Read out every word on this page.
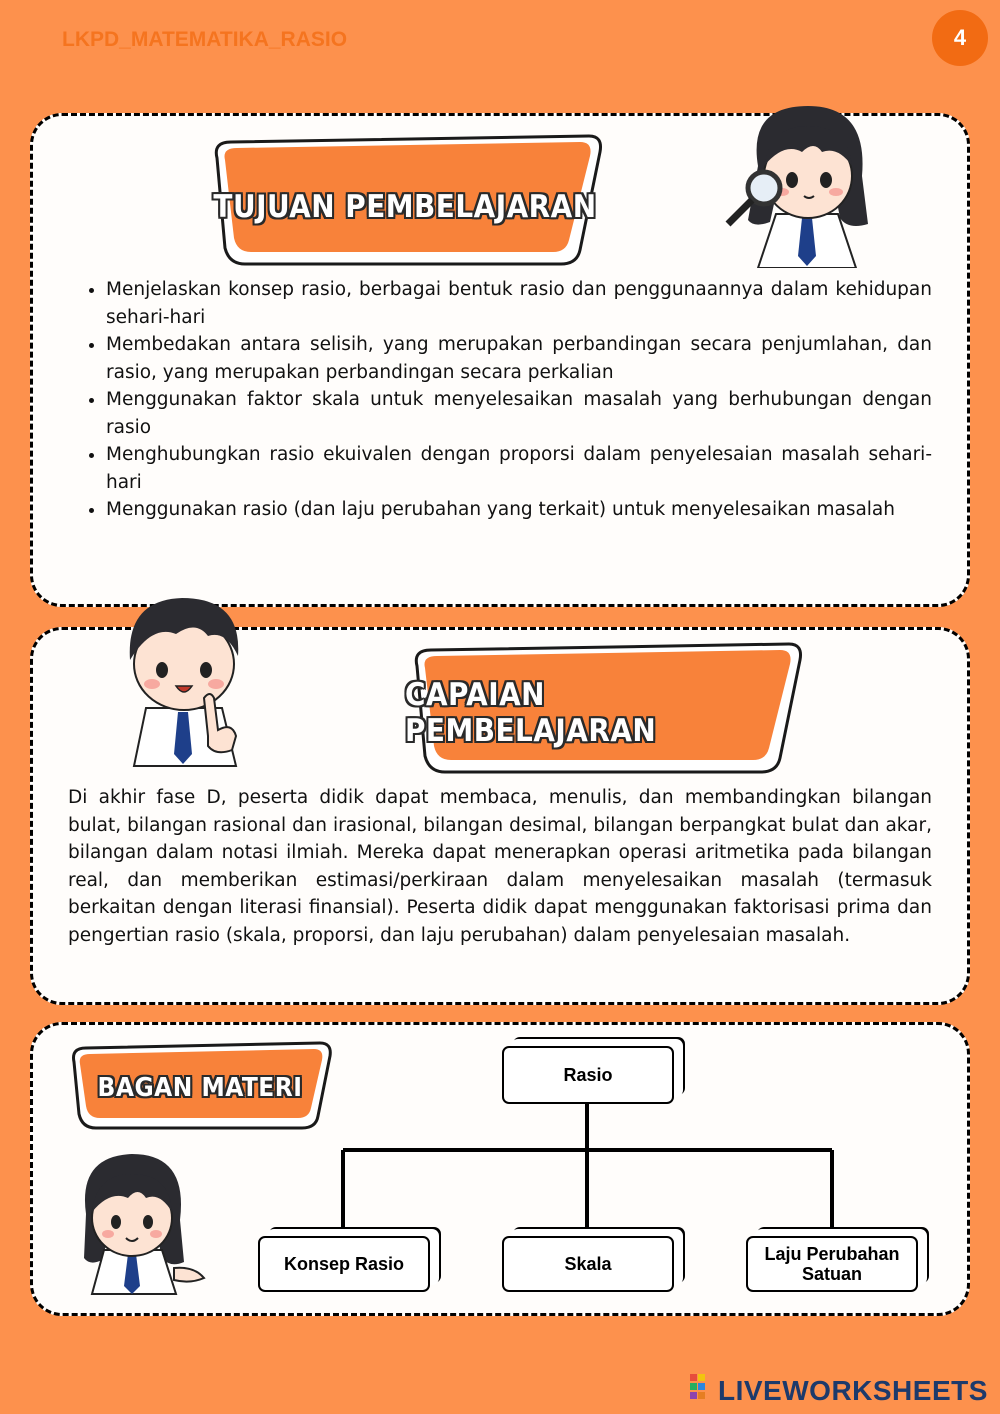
LKPD_MATEMATIKA_RASIO	4
TUJUAN PEMBELAJARAN
• Menjelaskan konsep rasio, berbagai bentuk rasio dan penggunaannya dalam kehidupan sehari-hari
• Membedakan antara selisih, yang merupakan perbandingan secara penjumlahan, dan rasio, yang merupakan perbandingan secara perkalian
• Menggunakan faktor skala untuk menyelesaikan masalah yang berhubungan dengan rasio
• Menghubungkan rasio ekuivalen dengan proporsi dalam penyelesaian masalah sehari-hari
• Menggunakan rasio (dan laju perubahan yang terkait) untuk menyelesaikan masalah
CAPAIAN PEMBELAJARAN

Di akhir fase D, peserta didik dapat membaca, menulis, dan membandingkan bilangan bulat, bilangan rasional dan irasional, bilangan desimal, bilangan berpangkat bulat dan akar, bilangan dalam notasi ilmiah. Mereka dapat menerapkan operasi aritmetika pada bilangan real, dan memberikan estimasi/perkiraan dalam menyelesaikan masalah (termasuk berkaitan dengan literasi finansial). Peserta didik dapat menggunakan faktorisasi prima dan pengertian rasio (skala, proporsi, dan laju perubahan) dalam penyelesaian masalah.

BAGAN MATERI	Rasio
Konsep Rasio	Skala	Laju Perubahan Satuan
LIVEWORKSHEETS
